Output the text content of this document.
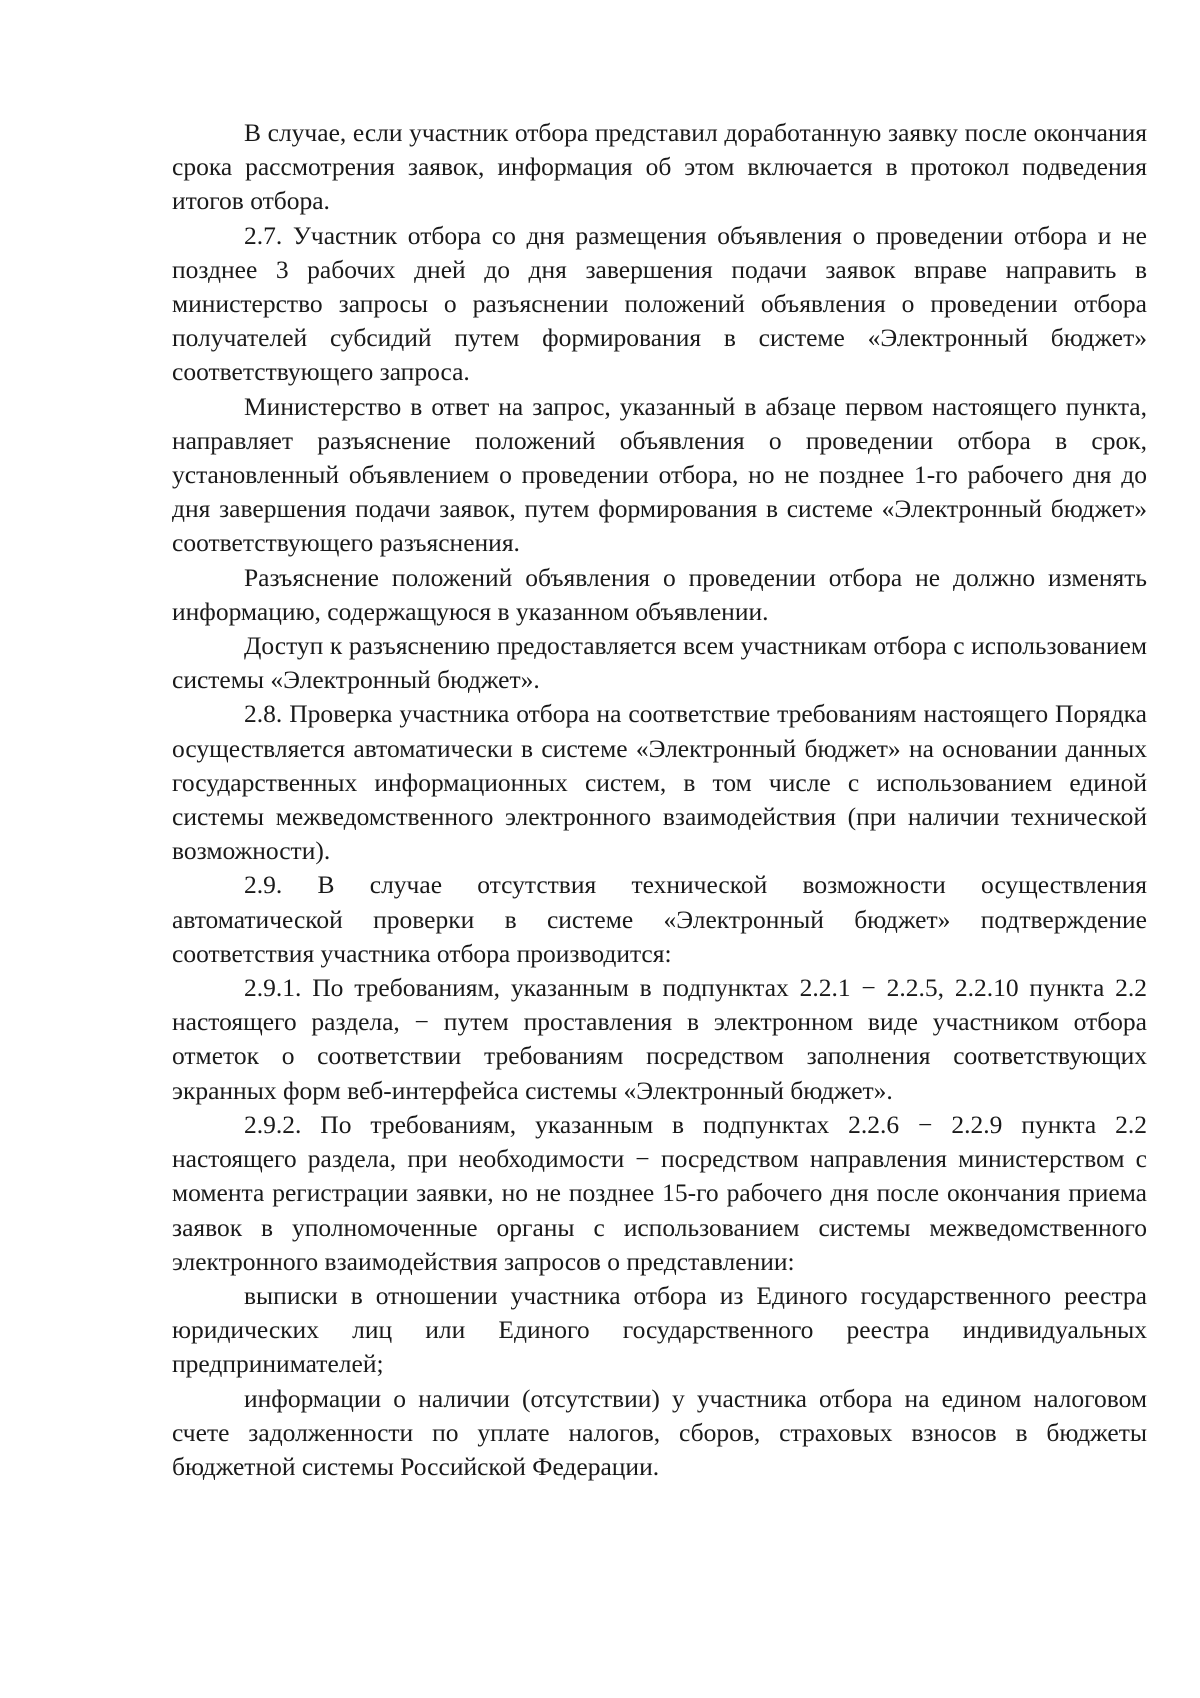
В случае, если участник отбора представил доработанную заявку после окончания срока рассмотрения заявок, информация об этом включается в протокол подведения итогов отбора.

2.7. Участник отбора со дня размещения объявления о проведении отбора и не позднее 3 рабочих дней до дня завершения подачи заявок вправе направить в министерство запросы о разъяснении положений объявления о проведении отбора получателей субсидий путем формирования в системе «Электронный бюджет» соответствующего запроса.

Министерство в ответ на запрос, указанный в абзаце первом настоящего пункта, направляет разъяснение положений объявления о проведении отбора в срок, установленный объявлением о проведении отбора, но не позднее 1-го рабочего дня до дня завершения подачи заявок, путем формирования в системе «Электронный бюджет» соответствующего разъяснения.

Разъяснение положений объявления о проведении отбора не должно изменять информацию, содержащуюся в указанном объявлении.

Доступ к разъяснению предоставляется всем участникам отбора с использованием системы «Электронный бюджет».

2.8. Проверка участника отбора на соответствие требованиям настоящего Порядка осуществляется автоматически в системе «Электронный бюджет» на основании данных государственных информационных систем, в том числе с использованием единой системы межведомственного электронного взаимодействия (при наличии технической возможности).

2.9. В случае отсутствия технической возможности осуществления автоматической проверки в системе «Электронный бюджет» подтверждение соответствия участника отбора производится:

2.9.1. По требованиям, указанным в подпунктах 2.2.1 − 2.2.5, 2.2.10 пункта 2.2 настоящего раздела, − путем проставления в электронном виде участником отбора отметок о соответствии требованиям посредством заполнения соответствующих экранных форм веб-интерфейса системы «Электронный бюджет».

2.9.2. По требованиям, указанным в подпунктах 2.2.6 − 2.2.9 пункта 2.2 настоящего раздела, при необходимости − посредством направления министерством с момента регистрации заявки, но не позднее 15-го рабочего дня после окончания приема заявок в уполномоченные органы с использованием системы межведомственного электронного взаимодействия запросов о представлении:

выписки в отношении участника отбора из Единого государственного реестра юридических лиц или Единого государственного реестра индивидуальных предпринимателей;

информации о наличии (отсутствии) у участника отбора на едином налоговом счете задолженности по уплате налогов, сборов, страховых взносов в бюджеты бюджетной системы Российской Федерации.
